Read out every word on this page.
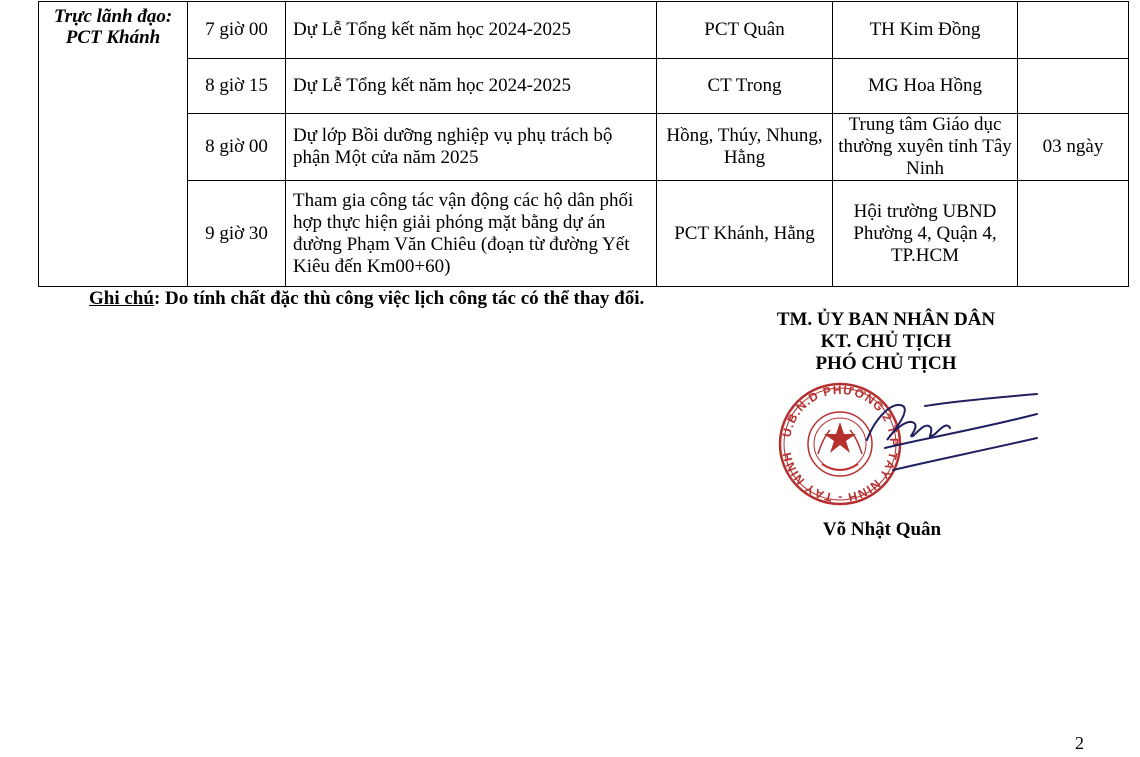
Trực lãnh đạo:
PCT Khánh	7 giờ 00	Dự Lễ Tổng kết năm học 2024-2025	PCT Quân	TH Kim Đồng	
	8 giờ 15	Dự Lễ Tổng kết năm học 2024-2025	CT Trong	MG Hoa Hồng	
	8 giờ 00	Dự lớp Bồi dưỡng nghiệp vụ phụ trách bộ phận Một cửa năm 2025	Hồng, Thúy, Nhung, Hằng	Trung tâm Giáo dục thường xuyên tỉnh Tây Ninh	03 ngày
	9 giờ 30	Tham gia công tác vận động các hộ dân phối hợp thực hiện giải phóng mặt bằng dự án đường Phạm Văn Chiêu (đoạn từ đường Yết Kiêu đến Km00+60)	PCT Khánh, Hằng	Hội trường UBND Phường 4, Quận 4, TP.HCM	
Ghi chú: Do tính chất đặc thù công việc lịch công tác có thể thay đổi.
TM. ỦY BAN NHÂN DÂN
KT. CHỦ TỊCH
PHÓ CHỦ TỊCH
U.B.N.D PHƯỜNG 2 T.P TÂY NINH - TÂY NINH
Võ Nhật Quân
2
